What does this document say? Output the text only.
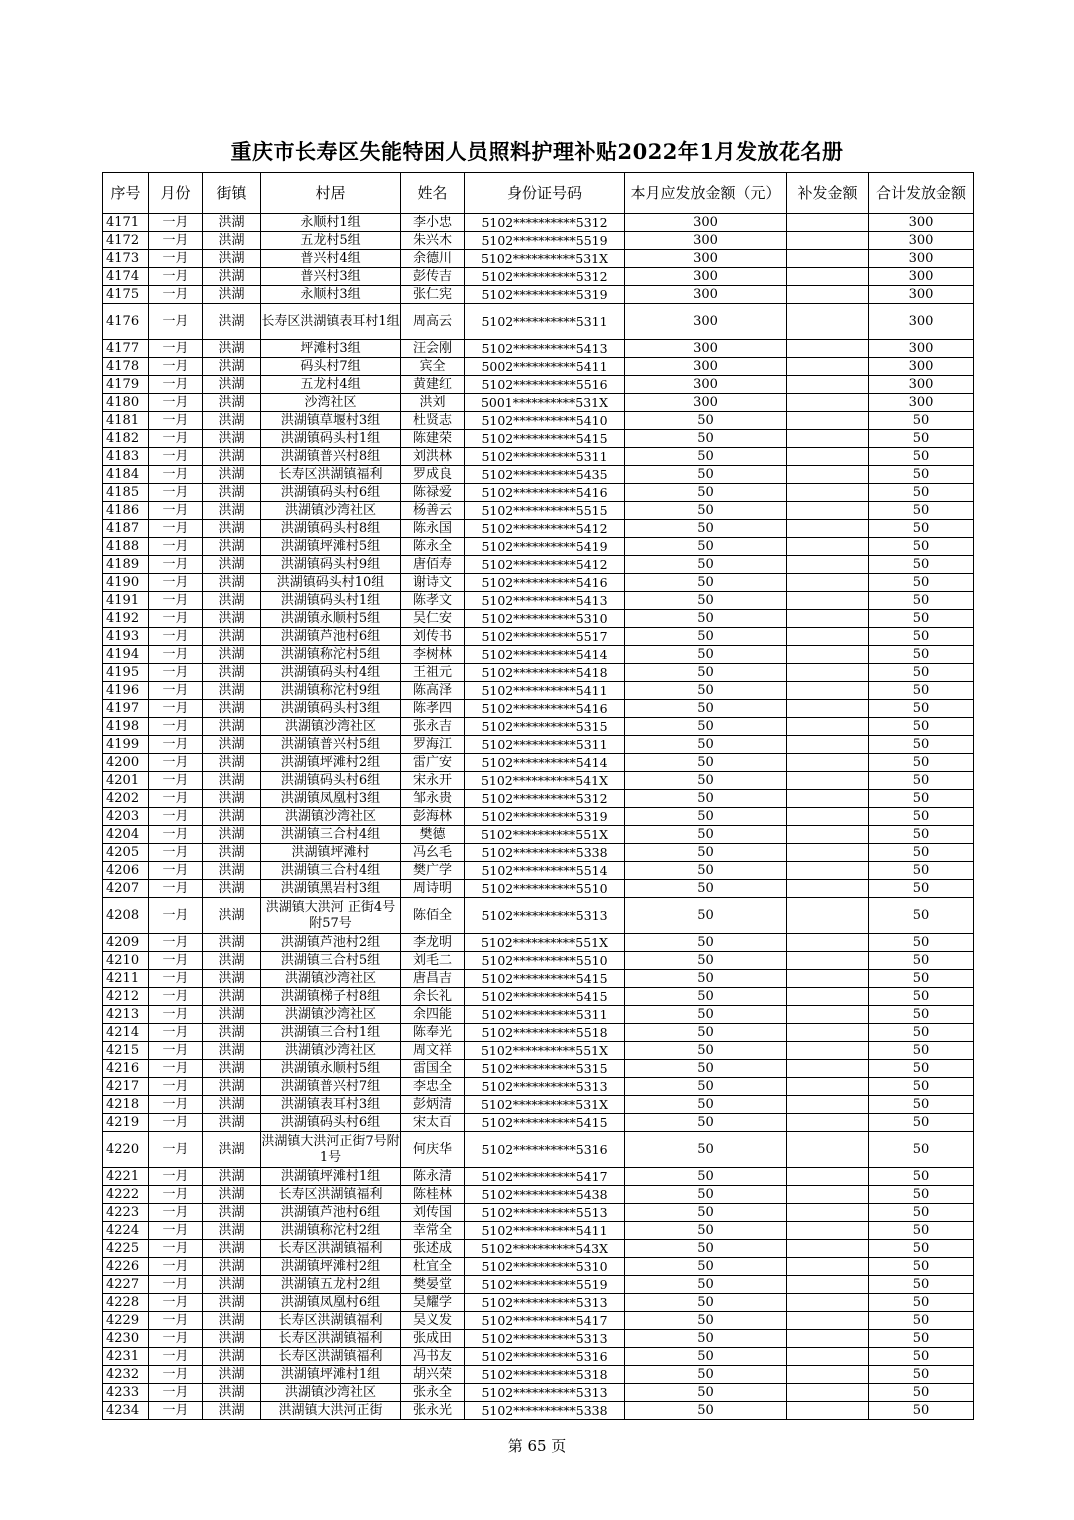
重庆市长寿区失能特困人员照料护理补贴2022年1月发放花名册
序号	月份	街镇	村居	姓名	身份证号码	本月应发放金额（元）	补发金额	合计发放金额
4171	一月	洪湖	永顺村1组	李小忠	5102**********5312	300		300
4172	一月	洪湖	五龙村5组	朱兴木	5102**********5519	300		300
4173	一月	洪湖	普兴村4组	余德川	5102**********531X	300		300
4174	一月	洪湖	普兴村3组	彭传吉	5102**********5312	300		300
4175	一月	洪湖	永顺村3组	张仁宪	5102**********5319	300		300
4176	一月	洪湖	长寿区洪湖镇表耳村1组	周高云	5102**********5311	300		300
4177	一月	洪湖	坪滩村3组	汪会刚	5102**********5413	300		300
4178	一月	洪湖	码头村7组	宾全	5002**********5411	300		300
4179	一月	洪湖	五龙村4组	黄建红	5102**********5516	300		300
4180	一月	洪湖	沙湾社区	洪刘	5001**********531X	300		300
4181	一月	洪湖	洪湖镇草堰村3组	杜贤志	5102**********5410	50		50
4182	一月	洪湖	洪湖镇码头村1组	陈建荣	5102**********5415	50		50
4183	一月	洪湖	洪湖镇普兴村8组	刘洪林	5102**********5311	50		50
4184	一月	洪湖	长寿区洪湖镇福利	罗成良	5102**********5435	50		50
4185	一月	洪湖	洪湖镇码头村6组	陈禄爱	5102**********5416	50		50
4186	一月	洪湖	洪湖镇沙湾社区	杨善云	5102**********5515	50		50
4187	一月	洪湖	洪湖镇码头村8组	陈永国	5102**********5412	50		50
4188	一月	洪湖	洪湖镇坪滩村5组	陈永全	5102**********5419	50		50
4189	一月	洪湖	洪湖镇码头村9组	唐佰寿	5102**********5412	50		50
4190	一月	洪湖	洪湖镇码头村10组	谢诗文	5102**********5416	50		50
4191	一月	洪湖	洪湖镇码头村1组	陈孝文	5102**********5413	50		50
4192	一月	洪湖	洪湖镇永顺村5组	吴仁安	5102**********5310	50		50
4193	一月	洪湖	洪湖镇芦池村6组	刘传书	5102**********5517	50		50
4194	一月	洪湖	洪湖镇称沱村5组	李树林	5102**********5414	50		50
4195	一月	洪湖	洪湖镇码头村4组	王祖元	5102**********5418	50		50
4196	一月	洪湖	洪湖镇称沱村9组	陈高泽	5102**********5411	50		50
4197	一月	洪湖	洪湖镇码头村3组	陈孝四	5102**********5416	50		50
4198	一月	洪湖	洪湖镇沙湾社区	张永吉	5102**********5315	50		50
4199	一月	洪湖	洪湖镇普兴村5组	罗海江	5102**********5311	50		50
4200	一月	洪湖	洪湖镇坪滩村2组	雷广安	5102**********5414	50		50
4201	一月	洪湖	洪湖镇码头村6组	宋永开	5102**********541X	50		50
4202	一月	洪湖	洪湖镇凤凰村3组	邹永贵	5102**********5312	50		50
4203	一月	洪湖	洪湖镇沙湾社区	彭海林	5102**********5319	50		50
4204	一月	洪湖	洪湖镇三合村4组	樊德	5102**********551X	50		50
4205	一月	洪湖	洪湖镇坪滩村	冯幺毛	5102**********5338	50		50
4206	一月	洪湖	洪湖镇三合村4组	樊广学	5102**********5514	50		50
4207	一月	洪湖	洪湖镇黑岩村3组	周诗明	5102**********5510	50		50
4208	一月	洪湖	洪湖镇大洪河 正街4号附57号	陈佰全	5102**********5313	50		50
4209	一月	洪湖	洪湖镇芦池村2组	李龙明	5102**********551X	50		50
4210	一月	洪湖	洪湖镇三合村5组	刘毛二	5102**********5510	50		50
4211	一月	洪湖	洪湖镇沙湾社区	唐昌吉	5102**********5415	50		50
4212	一月	洪湖	洪湖镇梯子村8组	余长礼	5102**********5415	50		50
4213	一月	洪湖	洪湖镇沙湾社区	余四能	5102**********5311	50		50
4214	一月	洪湖	洪湖镇三合村1组	陈奉光	5102**********5518	50		50
4215	一月	洪湖	洪湖镇沙湾社区	周文祥	5102**********551X	50		50
4216	一月	洪湖	洪湖镇永顺村5组	雷国全	5102**********5315	50		50
4217	一月	洪湖	洪湖镇普兴村7组	李忠全	5102**********5313	50		50
4218	一月	洪湖	洪湖镇表耳村3组	彭炳清	5102**********531X	50		50
4219	一月	洪湖	洪湖镇码头村6组	宋太百	5102**********5415	50		50
4220	一月	洪湖	洪湖镇大洪河正街7号附1号	何庆华	5102**********5316	50		50
4221	一月	洪湖	洪湖镇坪滩村1组	陈永清	5102**********5417	50		50
4222	一月	洪湖	长寿区洪湖镇福利	陈桂林	5102**********5438	50		50
4223	一月	洪湖	洪湖镇芦池村6组	刘传国	5102**********5513	50		50
4224	一月	洪湖	洪湖镇称沱村2组	幸常全	5102**********5411	50		50
4225	一月	洪湖	长寿区洪湖镇福利	张述成	5102**********543X	50		50
4226	一月	洪湖	洪湖镇坪滩村2组	杜宜全	5102**********5310	50		50
4227	一月	洪湖	洪湖镇五龙村2组	樊晏堂	5102**********5519	50		50
4228	一月	洪湖	洪湖镇凤凰村6组	吴耀学	5102**********5313	50		50
4229	一月	洪湖	长寿区洪湖镇福利	吴义发	5102**********5417	50		50
4230	一月	洪湖	长寿区洪湖镇福利	张成田	5102**********5313	50		50
4231	一月	洪湖	长寿区洪湖镇福利	冯书友	5102**********5316	50		50
4232	一月	洪湖	洪湖镇坪滩村1组	胡兴荣	5102**********5318	50		50
4233	一月	洪湖	洪湖镇沙湾社区	张永全	5102**********5313	50		50
4234	一月	洪湖	洪湖镇大洪河正街	张永光	5102**********5338	50		50
第 65 页
